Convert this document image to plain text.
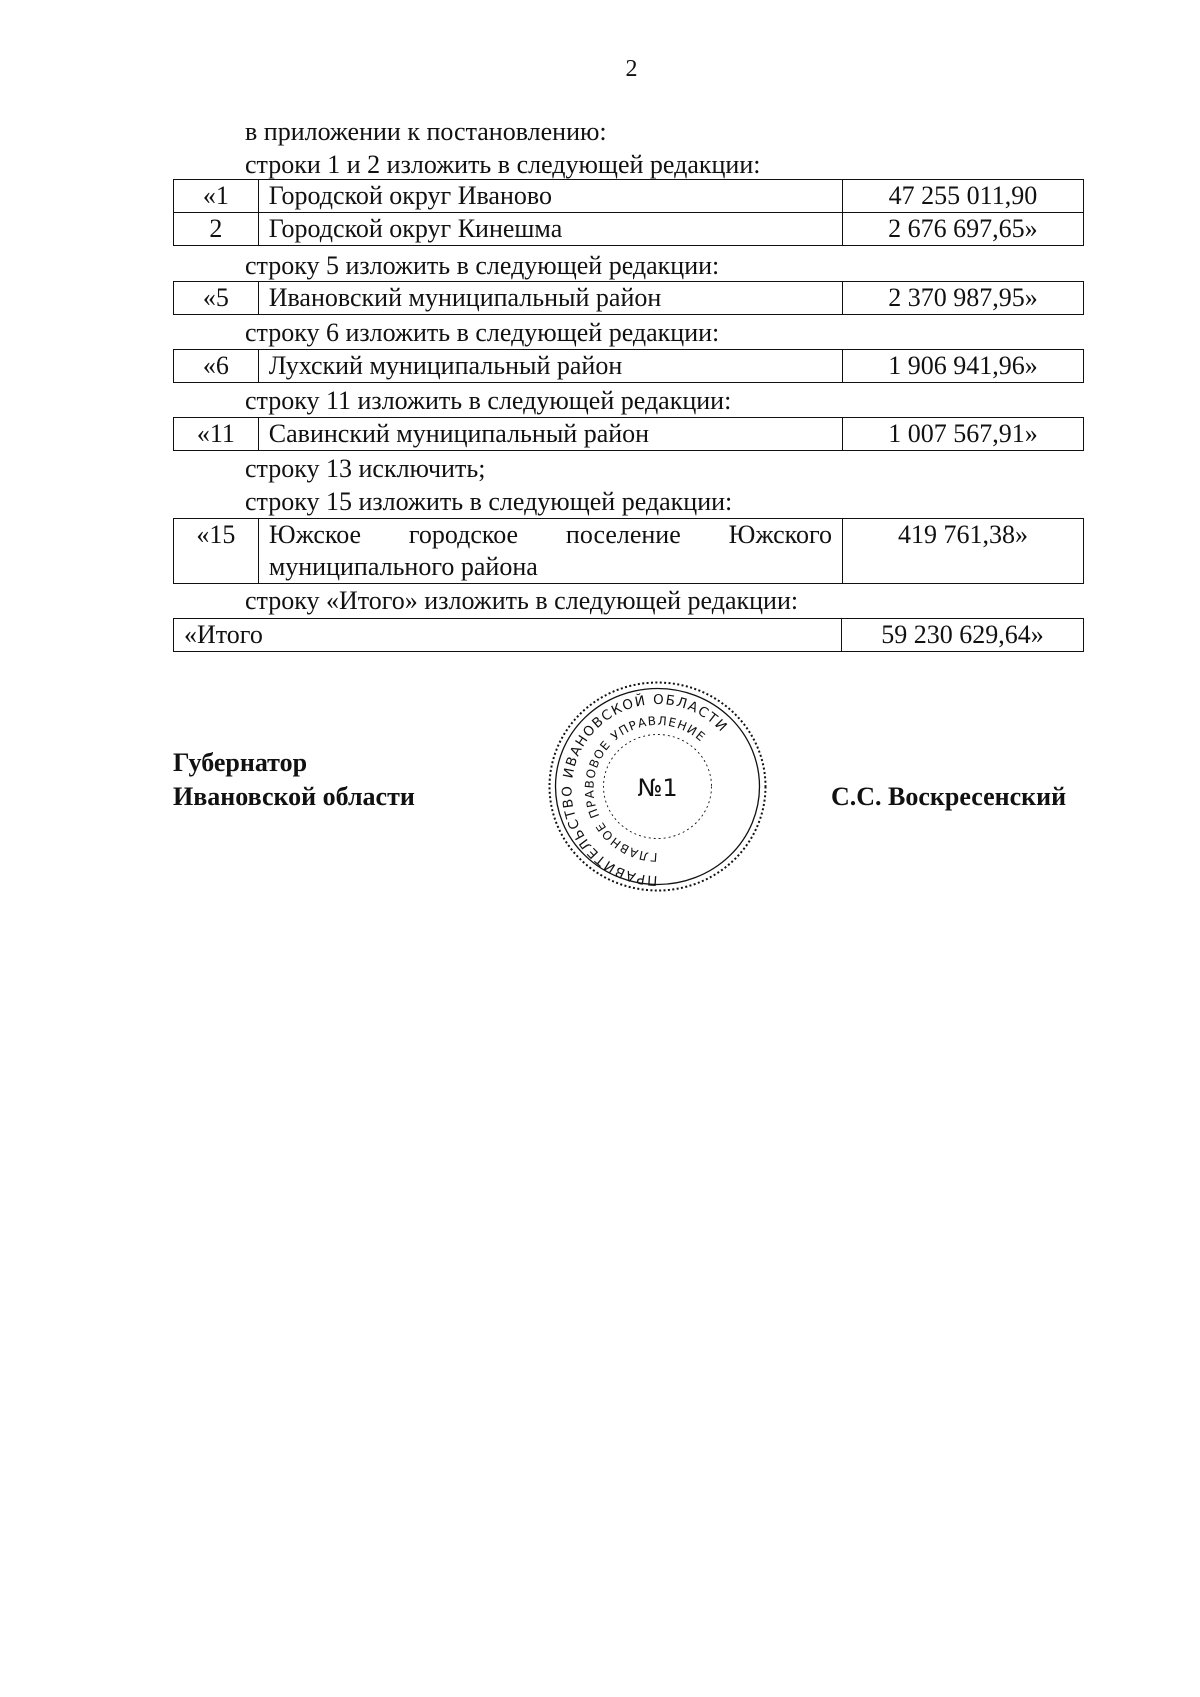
2
в приложении к постановлению:
строки 1 и 2 изложить в следующей редакции:
«1	Городской округ Иваново	47 255 011,90
2	Городской округ Кинешма	2 676 697,65»
строку 5 изложить в следующей редакции:
«5	Ивановский муниципальный район	2 370 987,95»
строку 6 изложить в следующей редакции:
«6	Лухский муниципальный район	1 906 941,96»
строку 11 изложить в следующей редакции:
«11	Савинский муниципальный район	1 007 567,91»
строку 13 исключить;
строку 15 изложить в следующей редакции:
«15	Южское городское поселение Южского муниципального района	419 761,38»
строку «Итого» изложить в следующей редакции:
«Итого	59 230 629,64»
Губернатор
Ивановской области	С.С. Воскресенский
ПРАВИТЕЛЬСТВО ИВАНОВСКОЙ ОБЛАСТИ
ГЛАВНОЕ ПРАВОВОЕ УПРАВЛЕНИЕ
№1
